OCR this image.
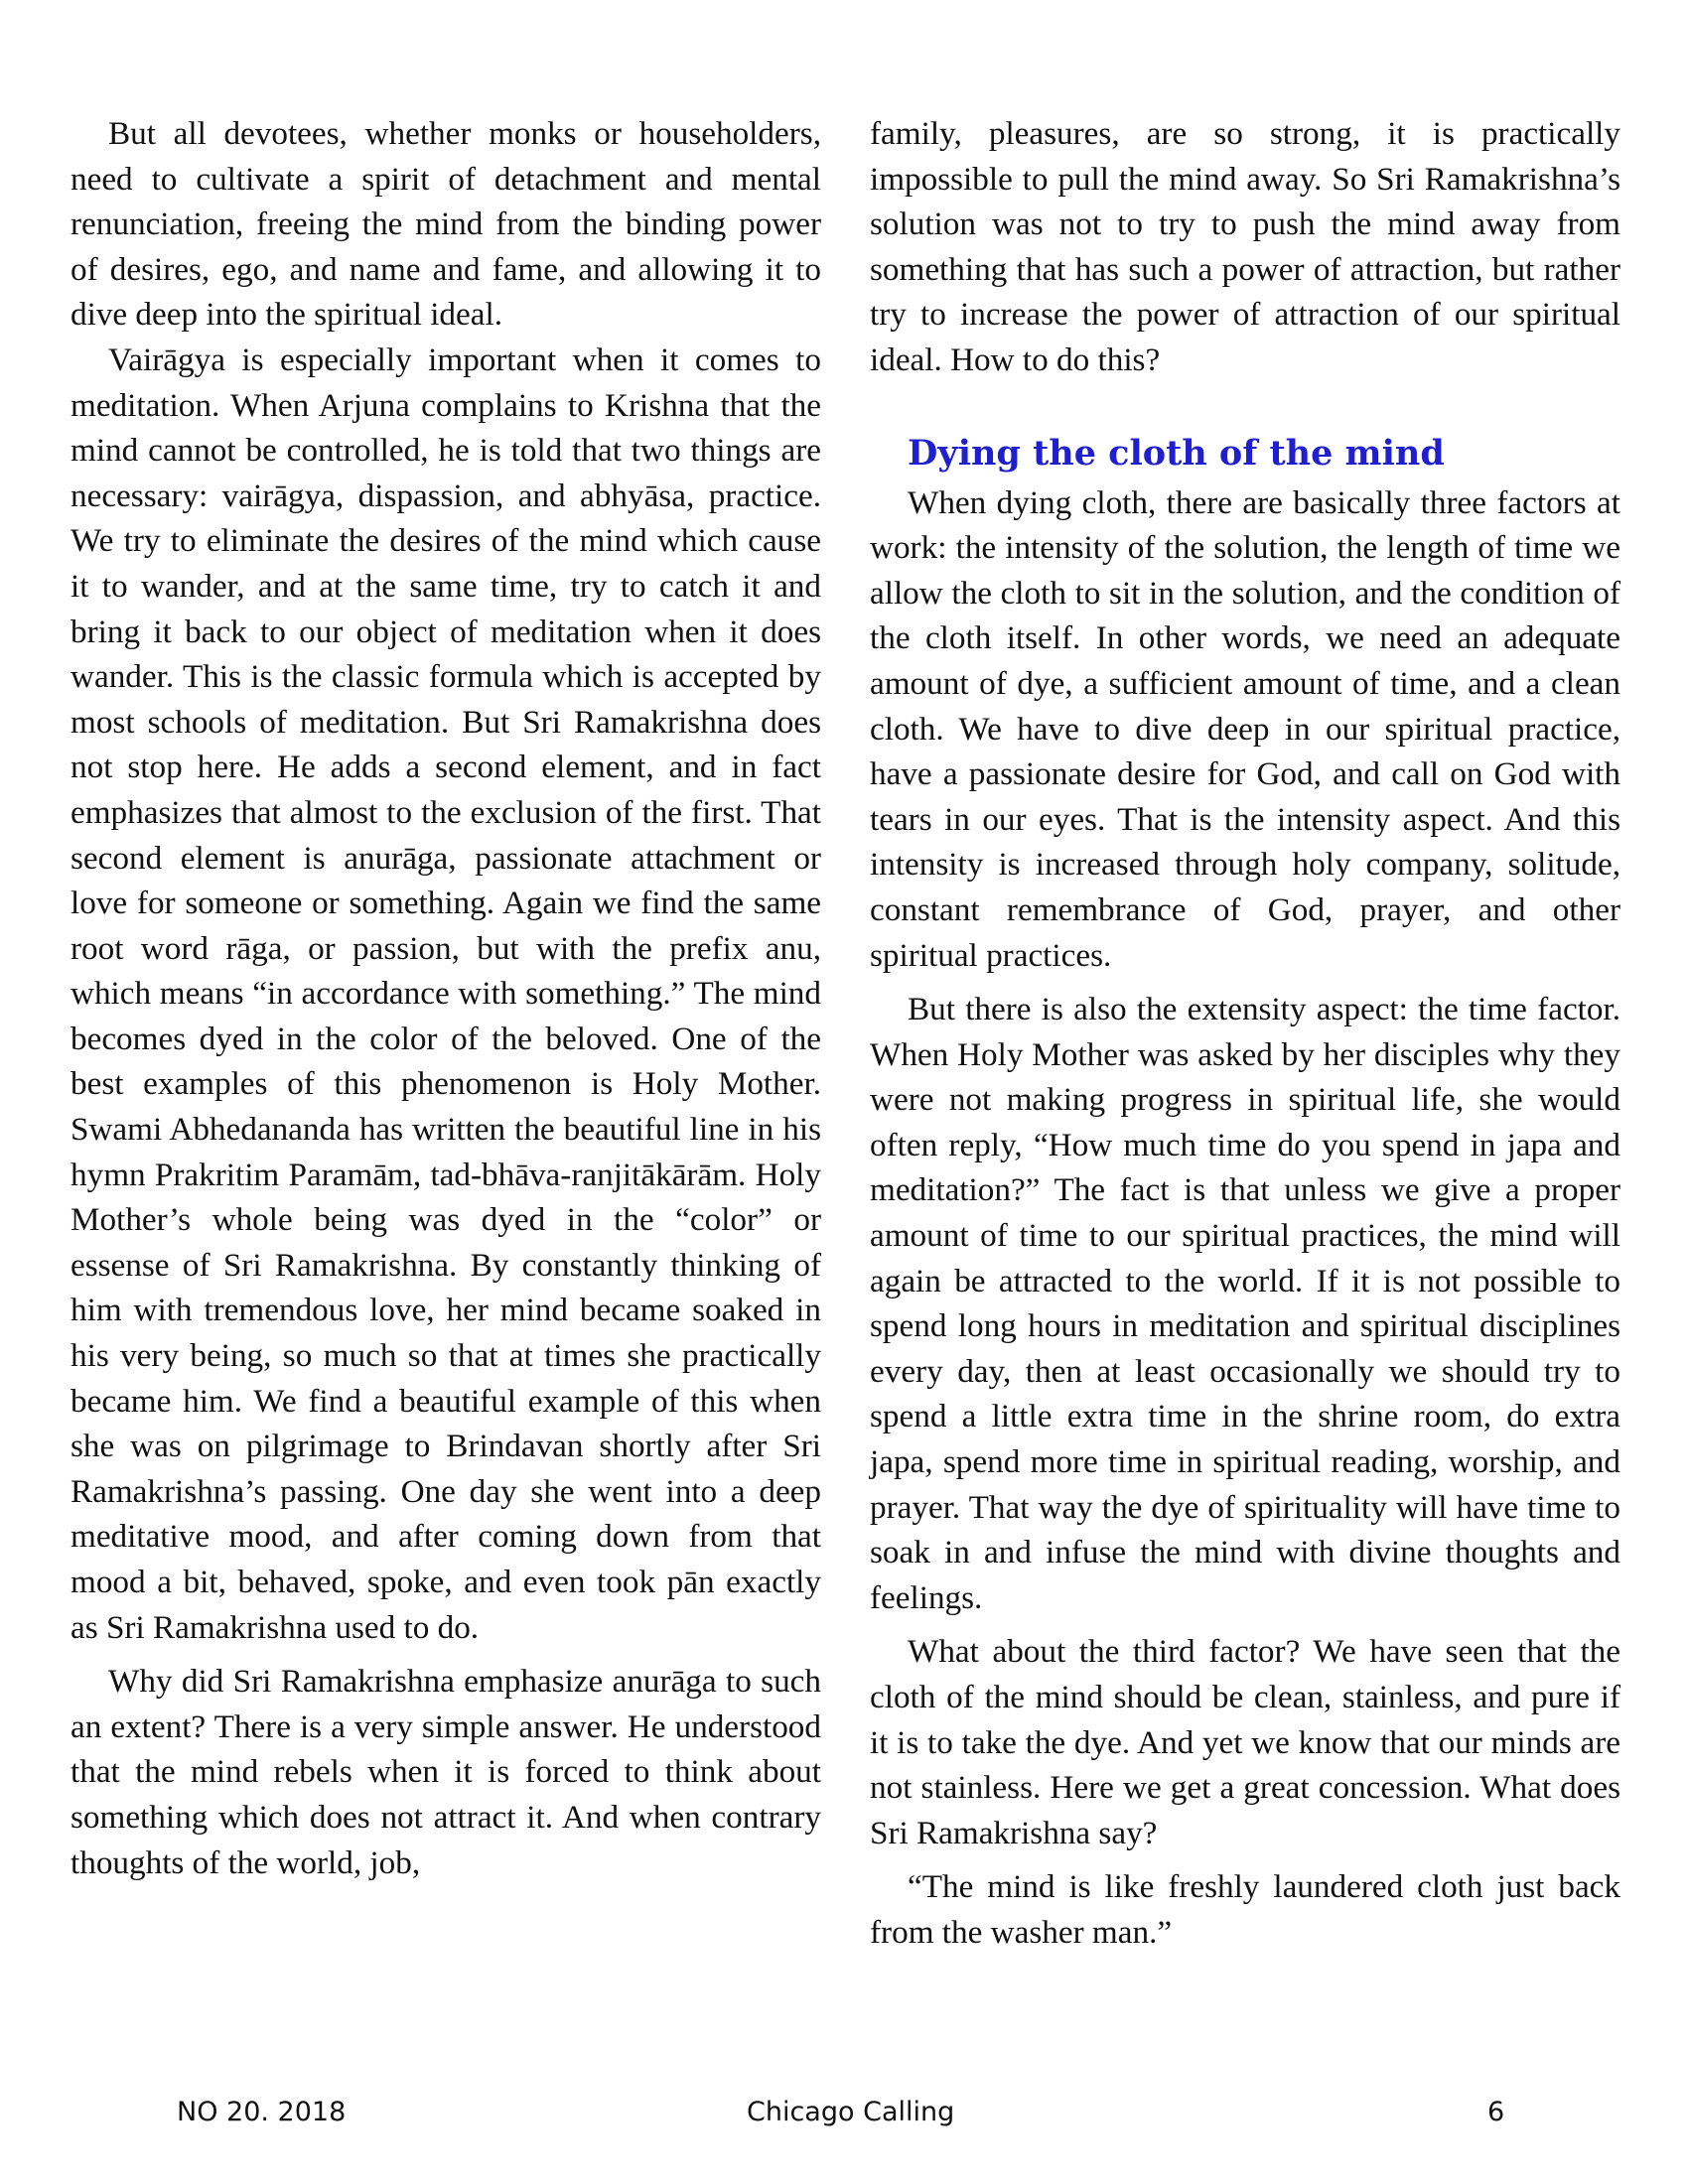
But all devotees, whether monks or householders, need to cultivate a spirit of detachment and mental renunciation, freeing the mind from the binding power of desires, ego, and name and fame, and allowing it to dive deep into the spiritual ideal.

Vairāgya is especially important when it comes to meditation. When Arjuna complains to Krishna that the mind cannot be controlled, he is told that two things are necessary: vairāgya, dispassion, and abhyāsa, practice. We try to eliminate the desires of the mind which cause it to wander, and at the same time, try to catch it and bring it back to our object of meditation when it does wander. This is the classic formula which is accepted by most schools of meditation. But Sri Ramakrishna does not stop here. He adds a second element, and in fact emphasizes that almost to the exclusion of the first. That second element is anurāga, passionate attachment or love for someone or something. Again we find the same root word rāga, or passion, but with the prefix anu, which means “in accordance with something.” The mind becomes dyed in the color of the beloved. One of the best examples of this phenomenon is Holy Mother. Swami Abhedananda has written the beautiful line in his hymn Prakritim Paramām, tad-bhāva-ranjitākārām. Holy Mother’s whole being was dyed in the “color” or essense of Sri Ramakrishna. By constantly thinking of him with tremendous love, her mind became soaked in his very being, so much so that at times she practically became him. We find a beautiful example of this when she was on pilgrimage to Brindavan shortly after Sri Ramakrishna’s passing. One day she went into a deep meditative mood, and after coming down from that mood a bit, behaved, spoke, and even took pān exactly as Sri Ramakrishna used to do.

Why did Sri Ramakrishna emphasize anurāga to such an extent? There is a very simple answer. He understood that the mind rebels when it is forced to think about something which does not attract it. And when contrary thoughts of the world, job,

family, pleasures, are so strong, it is practically impossible to pull the mind away. So Sri Ramakrishna’s solution was not to try to push the mind away from something that has such a power of attraction, but rather try to increase the power of attraction of our spiritual ideal. How to do this?

Dying the cloth of the mind

When dying cloth, there are basically three factors at work: the intensity of the solution, the length of time we allow the cloth to sit in the solution, and the condition of the cloth itself. In other words, we need an adequate amount of dye, a sufficient amount of time, and a clean cloth. We have to dive deep in our spiritual practice, have a passionate desire for God, and call on God with tears in our eyes. That is the intensity aspect. And this intensity is increased through holy company, solitude, constant remembrance of God, prayer, and other spiritual practices.

But there is also the extensity aspect: the time factor. When Holy Mother was asked by her disciples why they were not making progress in spiritual life, she would often reply, “How much time do you spend in japa and meditation?” The fact is that unless we give a proper amount of time to our spiritual practices, the mind will again be attracted to the world. If it is not possible to spend long hours in meditation and spiritual disciplines every day, then at least occasionally we should try to spend a little extra time in the shrine room, do extra japa, spend more time in spiritual reading, worship, and prayer. That way the dye of spirituality will have time to soak in and infuse the mind with divine thoughts and feelings.

What about the third factor? We have seen that the cloth of the mind should be clean, stainless, and pure if it is to take the dye. And yet we know that our minds are not stainless. Here we get a great concession. What does Sri Ramakrishna say?

“The mind is like freshly laundered cloth just back from the washer man.”

NO 20. 2018	Chicago Calling	6
